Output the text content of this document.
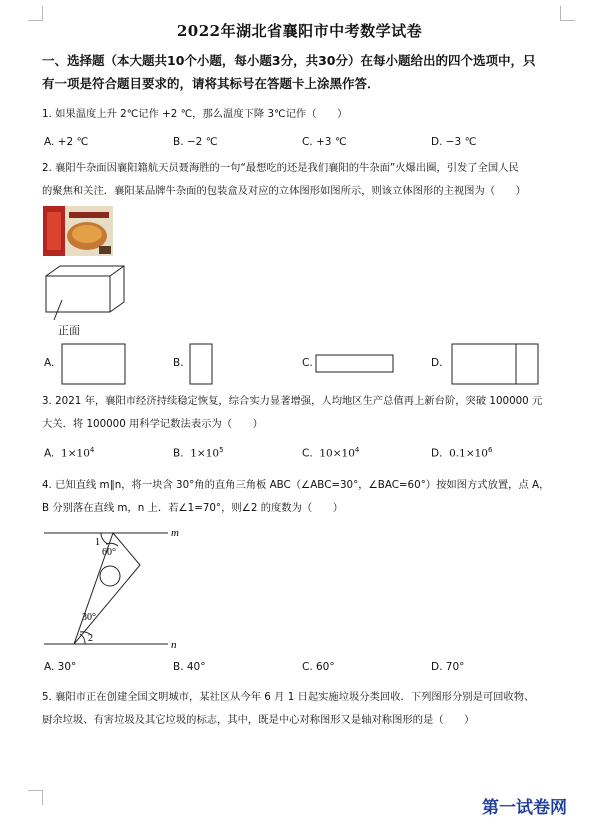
2022年湖北省襄阳市中考数学试卷
一、选择题（本大题共10个小题，每小题3分，共30分）在每小题给出的四个选项中，只
有一项是符合题目要求的，请将其标号在答题卡上涂黑作答．
1. 如果温度上升 2℃记作 +2 ℃，那么温度下降 3℃记作（　　）
A. +2 ℃	B. −2 ℃	C. +3 ℃	D. −3 ℃
2. 襄阳牛杂面因襄阳籍航天员聂海胜的一句“最想吃的还是我们襄阳的牛杂面”火爆出圈，引发了全国人民
的聚焦和关注．襄阳某品牌牛杂面的包装盒及对应的立体图形如图所示，则该立体图形的主视图为（　　）
正面
A.	B.	C.	D.
3. 2021 年，襄阳市经济持续稳定恢复，综合实力显著增强，人均地区生产总值再上新台阶，突破 100000 元
大关．将 100000 用科学记数法表示为（　　）
A. $1\times 10^4$	B. $1\times 10^5$	C. $10\times 10^4$	D. $0.1\times 10^6$
4. 已知直线 m∥n，将一块含 30°角的直角三角板 ABC（∠ABC=30°，∠BAC=60°）按如图方式放置，点 A，
B 分别落在直线 m，n 上．若∠1=70°，则∠2 的度数为（　　）
m
n
1
60°
30°
2
A. 30°	B. 40°	C. 60°	D. 70°
5. 襄阳市正在创建全国文明城市，某社区从今年 6 月 1 日起实施垃圾分类回收．下列图形分别是可回收物、
厨余垃圾、有害垃圾及其它垃圾的标志，其中，既是中心对称图形又是轴对称图形的是（　　）
第一试卷网
